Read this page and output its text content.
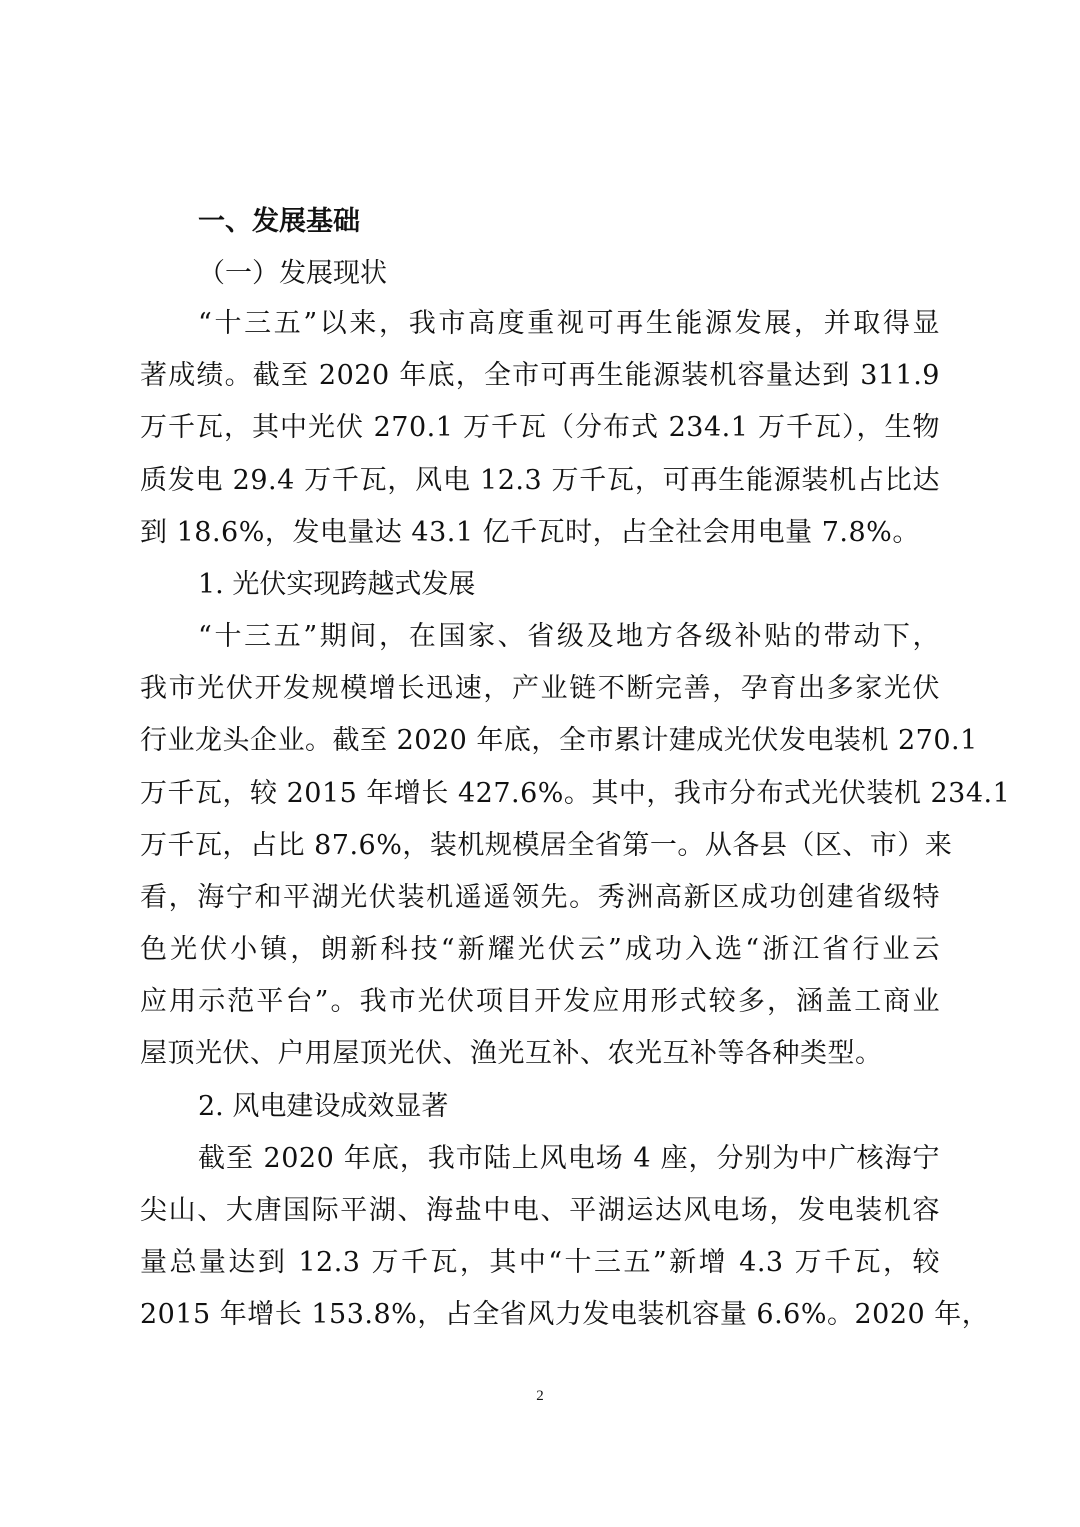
一、发展基础
（一）发展现状
“十三五”以来，我市高度重视可再生能源发展，并取得显
著成绩。截至 2020 年底，全市可再生能源装机容量达到 311.9
万千瓦，其中光伏 270.1 万千瓦（分布式 234.1 万千瓦），生物
质发电 29.4 万千瓦，风电 12.3 万千瓦，可再生能源装机占比达
到 18.6%，发电量达 43.1 亿千瓦时，占全社会用电量 7.8%。
1. 光伏实现跨越式发展
“十三五”期间，在国家、省级及地方各级补贴的带动下，
我市光伏开发规模增长迅速，产业链不断完善，孕育出多家光伏
行业龙头企业。截至 2020 年底，全市累计建成光伏发电装机 270.1
万千瓦，较 2015 年增长 427.6%。其中，我市分布式光伏装机 234.1
万千瓦，占比 87.6%，装机规模居全省第一。从各县（区、市）来
看，海宁和平湖光伏装机遥遥领先。秀洲高新区成功创建省级特
色光伏小镇，朗新科技“新耀光伏云”成功入选“浙江省行业云
应用示范平台”。我市光伏项目开发应用形式较多，涵盖工商业
屋顶光伏、户用屋顶光伏、渔光互补、农光互补等各种类型。
2. 风电建设成效显著
截至 2020 年底，我市陆上风电场 4 座，分别为中广核海宁
尖山、大唐国际平湖、海盐中电、平湖运达风电场，发电装机容
量总量达到 12.3 万千瓦，其中“十三五”新增 4.3 万千瓦，较
2015 年增长 153.8%，占全省风力发电装机容量 6.6%。2020 年，
2
